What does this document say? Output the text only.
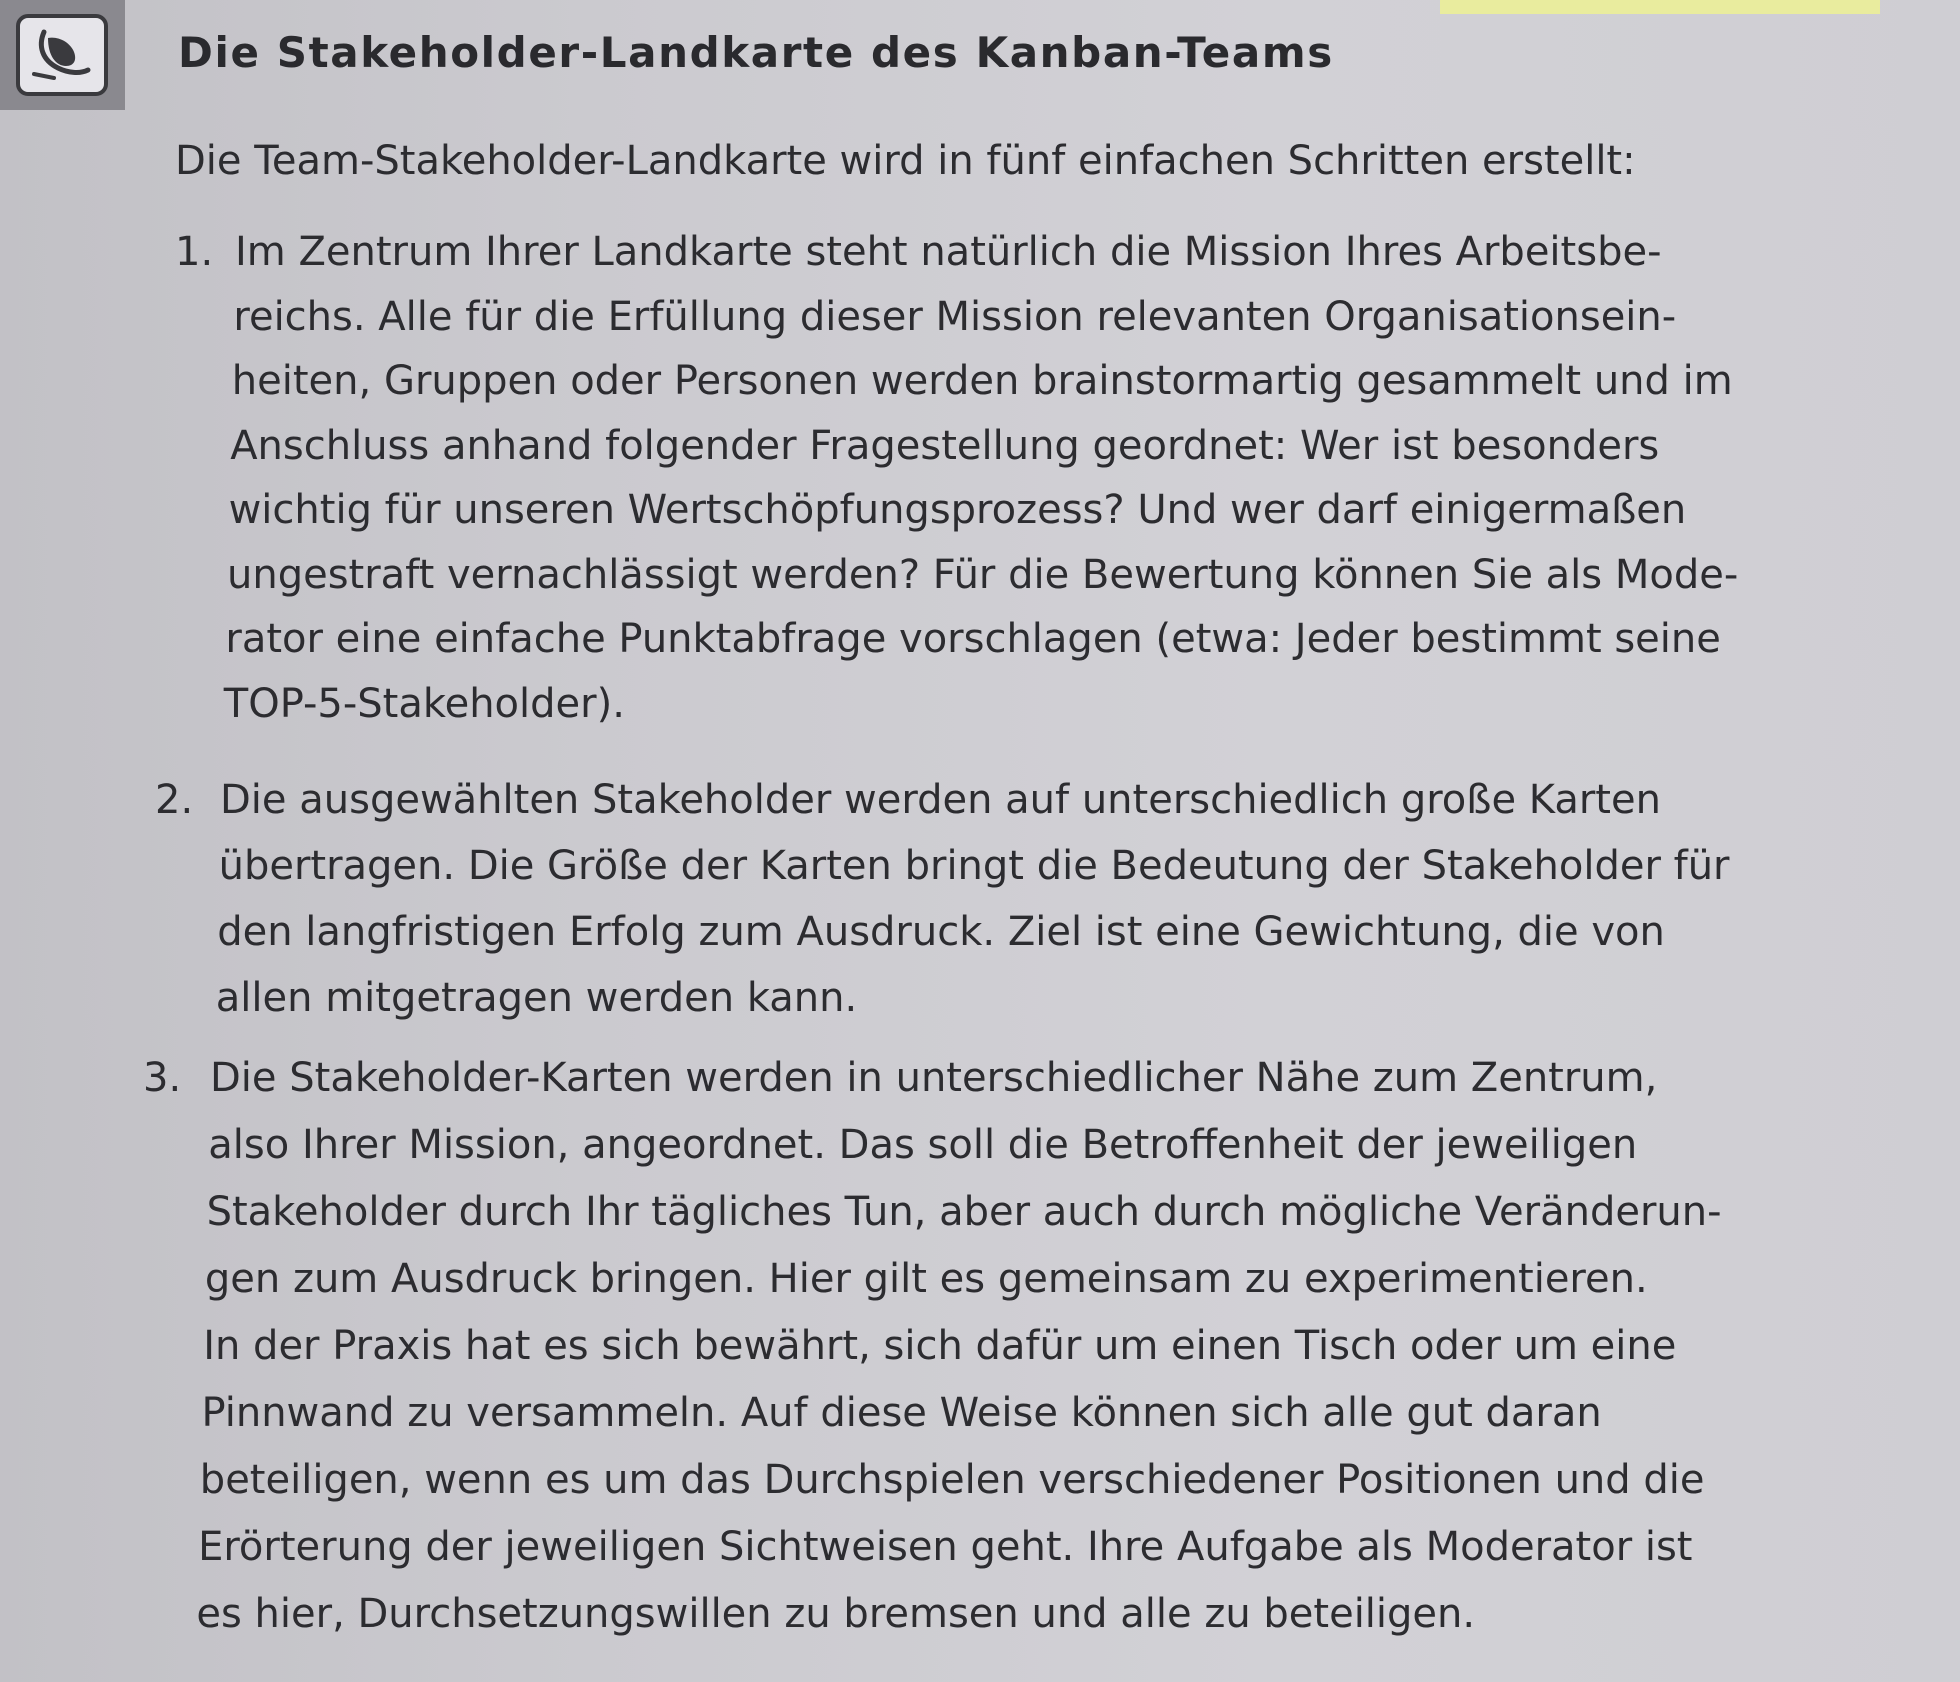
Die Stakeholder-Landkarte des Kanban-Teams
Die Team-Stakeholder-Landkarte wird in fünf einfachen Schritten erstellt:
1. Im Zentrum Ihrer Landkarte steht natürlich die Mission Ihres Arbeitsbe-
reichs. Alle für die Erfüllung dieser Mission relevanten Organisationsein-
heiten, Gruppen oder Personen werden brainstormartig gesammelt und im
Anschluss anhand folgender Fragestellung geordnet: Wer ist besonders
wichtig für unseren Wertschöpfungsprozess? Und wer darf einigermaßen
ungestraft vernachlässigt werden? Für die Bewertung können Sie als Mode-
rator eine einfache Punktabfrage vorschlagen (etwa: Jeder bestimmt seine
TOP-5-Stakeholder).
2. Die ausgewählten Stakeholder werden auf unterschiedlich große Karten
übertragen. Die Größe der Karten bringt die Bedeutung der Stakeholder für
den langfristigen Erfolg zum Ausdruck. Ziel ist eine Gewichtung, die von
allen mitgetragen werden kann.
3. Die Stakeholder-Karten werden in unterschiedlicher Nähe zum Zentrum,
also Ihrer Mission, angeordnet. Das soll die Betroffenheit der jeweiligen
Stakeholder durch Ihr tägliches Tun, aber auch durch mögliche Veränderun-
gen zum Ausdruck bringen. Hier gilt es gemeinsam zu experimentieren.
In der Praxis hat es sich bewährt, sich dafür um einen Tisch oder um eine
Pinnwand zu versammeln. Auf diese Weise können sich alle gut daran
beteiligen, wenn es um das Durchspielen verschiedener Positionen und die
Erörterung der jeweiligen Sichtweisen geht. Ihre Aufgabe als Moderator ist
es hier, Durchsetzungswillen zu bremsen und alle zu beteiligen.
